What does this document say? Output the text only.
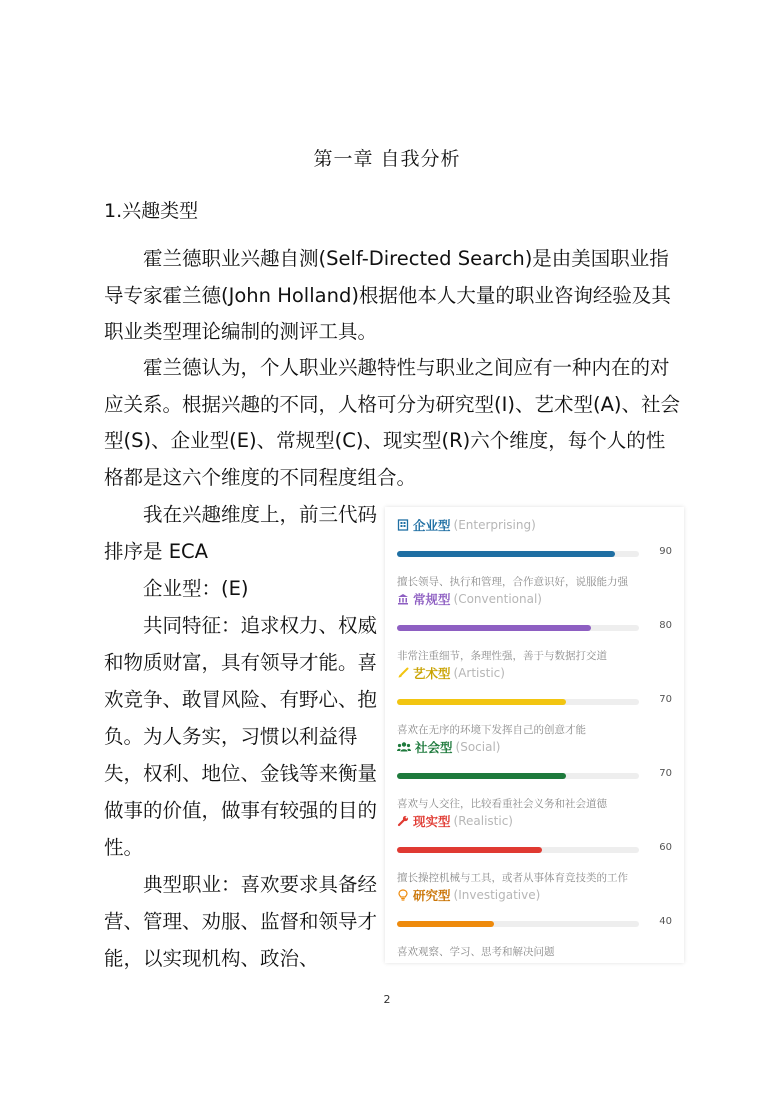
第一章 自我分析
1.兴趣类型

霍兰德职业兴趣自测(Self-Directed Search)是由美国职业指导专家霍兰德(John Holland)根据他本人大量的职业咨询经验及其职业类型理论编制的测评工具。

霍兰德认为，个人职业兴趣特性与职业之间应有一种内在的对应关系。根据兴趣的不同，人格可分为研究型(I)、艺术型(A)、社会型(S)、企业型(E)、常规型(C)、现实型(R)六个维度，每个人的性格都是这六个维度的不同程度组合。

我在兴趣维度上，前三代码排序是 ECA

企业型：(E)

共同特征：追求权力、权威和物质财富，具有领导才能。喜欢竞争、敢冒风险、有野心、抱负。为人务实，习惯以利益得失，权利、地位、金钱等来衡量做事的价值，做事有较强的目的性。

典型职业：喜欢要求具备经营、管理、劝服、监督和领导才能，以实现机构、政治、

企业型 (Enterprising)
90
擅长领导、执行和管理，合作意识好，说服能力强
常规型 (Conventional)
80
非常注重细节，条理性强，善于与数据打交道
艺术型 (Artistic)
70
喜欢在无序的环境下发挥自己的创意才能
社会型 (Social)
70
喜欢与人交往，比较看重社会义务和社会道德
现实型 (Realistic)
60
擅长操控机械与工具，或者从事体育竞技类的工作
研究型 (Investigative)
40
喜欢观察、学习、思考和解决问题
2
